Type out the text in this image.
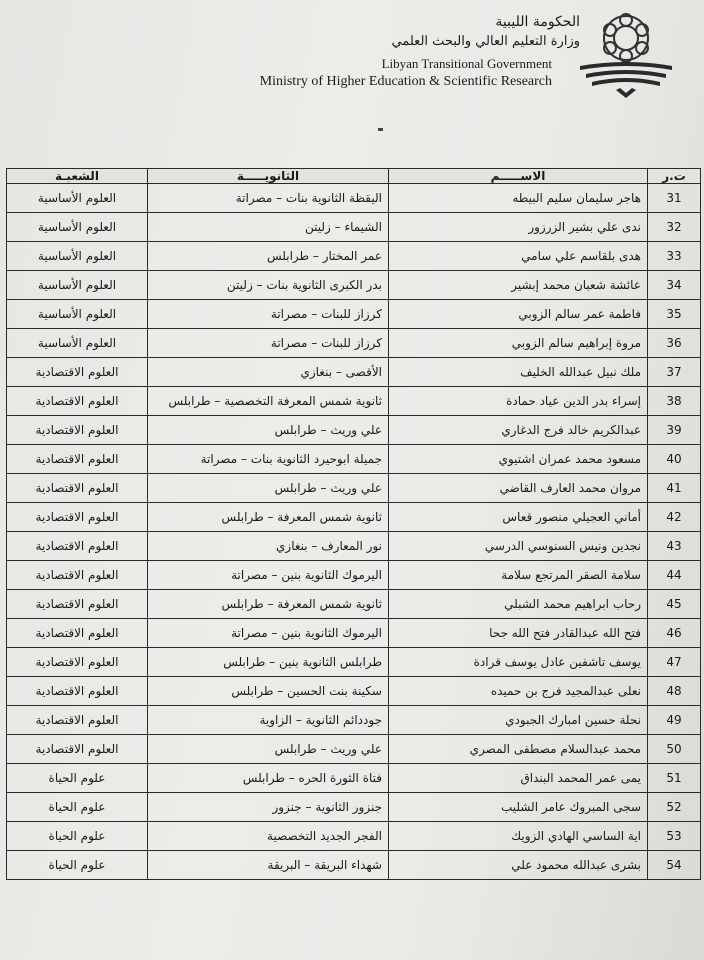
الحكومة الليبية
وزارة التعليم العالي والبحث العلمي
Libyan Transitional Government
Ministry of Higher Education & Scientific Research
ت.ر	الاســـــم	الثانويـــــة	الشعبـة
31	هاجر سليمان سليم البيطه	اليقظة الثانوية بنات – مصراتة	العلوم الأساسية
32	ندى علي بشير الزرزور	الشيماء – زليتن	العلوم الأساسية
33	هدى بلقاسم علي سامي	عمر المختار – طرابلس	العلوم الأساسية
34	عائشة شعبان محمد إبشير	بدر الكبرى الثانوية بنات – زليتن	العلوم الأساسية
35	فاطمة عمر سالم الزوبي	كرزاز للبنات – مصراتة	العلوم الأساسية
36	مروة إبراهيم سالم الزوبي	كرزاز للبنات – مصراتة	العلوم الأساسية
37	ملك نبيل عبدالله الخليف	الأقصى – بنغازي	العلوم الاقتصادية
38	إسراء بدر الدين عياد حمادة	ثانوية شمس المعرفة التخصصية – طرابلس	العلوم الاقتصادية
39	عبدالكريم خالد فرج الدغاري	علي وريث – طرابلس	العلوم الاقتصادية
40	مسعود محمد عمران اشتيوي	جميلة ابوحيرد الثانوية بنات – مصراتة	العلوم الاقتصادية
41	مروان محمد العارف القاضي	علي وريث – طرابلس	العلوم الاقتصادية
42	أماني العجيلي منصور قعاس	ثانوية شمس المعرفة – طرابلس	العلوم الاقتصادية
43	نجدين ونيس السنوسي الدرسي	نور المعارف – بنغازي	العلوم الاقتصادية
44	سلامة الصقر المرتجع سلامة	اليرموك الثانوية بنين – مصراتة	العلوم الاقتصادية
45	رحاب ابراهيم محمد الشبلي	ثانوية شمس المعرفة – طرابلس	العلوم الاقتصادية
46	فتح الله عبدالقادر فتح الله جحا	اليرموك الثانوية بنين – مصراتة	العلوم الاقتصادية
47	يوسف تاشفين عادل يوسف قرادة	طرابلس الثانوية بنين – طرابلس	العلوم الاقتصادية
48	نعلى عبدالمجيد فرج بن حميده	سكينة بنت الحسين – طرابلس	العلوم الاقتصادية
49	نحلة حسين امبارك الجبودي	جوددائم الثانوية – الزاوية	العلوم الاقتصادية
50	محمد عبدالسلام مصطفى المصري	علي وريث – طرابلس	العلوم الاقتصادية
51	يمى عمر المحمد البنداق	فتاة الثورة الحره – طرابلس	علوم الحياة
52	سجى المبروك عامر الشليب	جنزور الثانوية – جنزور	علوم الحياة
53	اية الساسي الهادي الزويك	الفجر الجديد التخصصية	علوم الحياة
54	بشرى عبدالله محمود علي	شهداء البريقة – البريقة	علوم الحياة
